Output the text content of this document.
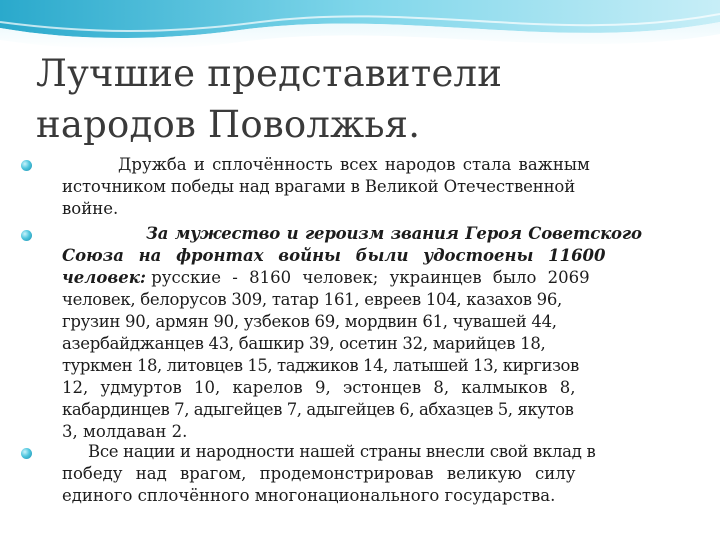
Лучшие представители
народов Поволжья.
Дружба и сплочённость всех народов стала важным
источником победы над врагами в Великой Отечественной
войне.
За мужество и героизм звания Героя Советского
Союза на фронтах войны были удостоены 11600
человек: русские - 8160 человек; украинцев было 2069
человек, белорусов 309, татар 161, евреев 104, казахов 96,
грузин 90, армян 90, узбеков 69, мордвин 61, чувашей 44,
азербайджанцев 43, башкир 39, осетин 32, марийцев 18,
туркмен 18, литовцев 15, таджиков 14, латышей 13, киргизов
12, удмуртов 10, карелов 9, эстонцев 8, калмыков 8,
кабардинцев 7, адыгейцев 7, адыгейцев 6, абхазцев 5, якутов
3, молдаван 2.
Все нации и народности нашей страны внесли свой вклад в
победу над врагом, продемонстрировав великую силу
единого сплочённого многонационального государства.
